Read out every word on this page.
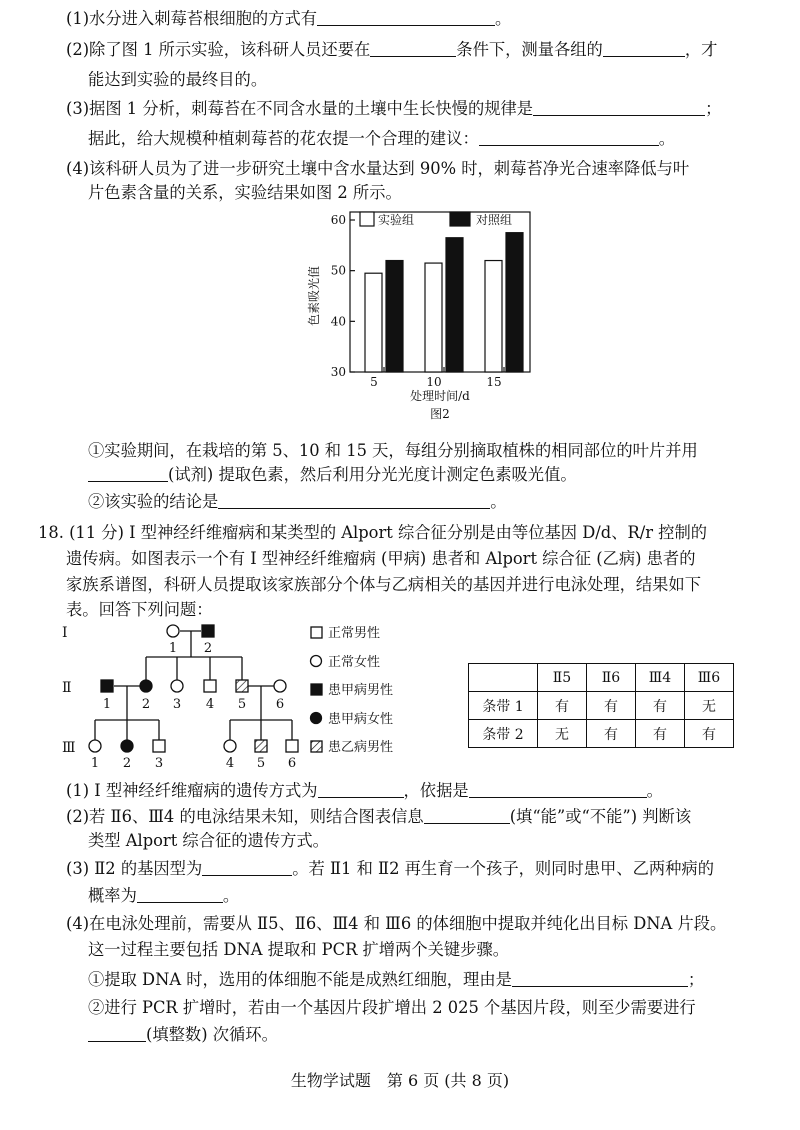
(1)水分进入刺莓苔根细胞的方式有	。
(2)除了图 1 所示实验，该科研人员还要在	条件下，测量各组的	，才
能达到实验的最终目的。
(3)据图 1 分析，刺莓苔在不同含水量的土壤中生长快慢的规律是	；
据此，给大规模种植刺莓苔的花农提一个合理的建议：	。
(4)该科研人员为了进一步研究土壤中含水量达到 90% 时，刺莓苔净光合速率降低与叶
片色素含量的关系，实验结果如图 2 所示。
30
40
50
60
5	10	15
色素吸光值
处理时间/d
图2
实验组	对照组
①实验期间，在栽培的第 5、10 和 15 天，每组分别摘取植株的相同部位的叶片并用
(试剂) 提取色素，然后利用分光光度计测定色素吸光值。
②该实验的结论是	。
18. (11 分) Ⅰ 型神经纤维瘤病和某类型的 Alport 综合征分别是由等位基因 D/d、R/r 控制的
遗传病。如图表示一个有 Ⅰ 型神经纤维瘤病 (甲病) 患者和 Alport 综合征 (乙病) 患者的
家族系谱图，科研人员提取该家族部分个体与乙病相关的基因并进行电泳处理，结果如下
表。回答下列问题：
Ⅰ
Ⅱ
Ⅲ
1 2
1 2 3 4 5 6
1 2 3	4 5 6
正常男性
正常女性
患甲病男性
患甲病女性
患乙病男性
	Ⅱ5	Ⅱ6	Ⅲ4	Ⅲ6
条带 1	有	有	有	无
条带 2	无	有	有	有
(1) Ⅰ 型神经纤维瘤病的遗传方式为	，依据是	。
(2)若 Ⅱ6、Ⅲ4 的电泳结果未知，则结合图表信息	(填“能”或“不能”) 判断该
类型 Alport 综合征的遗传方式。
(3) Ⅱ2 的基因型为	。若 Ⅱ1 和 Ⅱ2 再生育一个孩子，则同时患甲、乙两种病的
概率为	。
(4)在电泳处理前，需要从 Ⅱ5、Ⅱ6、Ⅲ4 和 Ⅲ6 的体细胞中提取并纯化出目标 DNA 片段。
这一过程主要包括 DNA 提取和 PCR 扩增两个关键步骤。
①提取 DNA 时，选用的体细胞不能是成熟红细胞，理由是	；
②进行 PCR 扩增时，若由一个基因片段扩增出 2 025 个基因片段，则至少需要进行
(填整数) 次循环。
生物学试题　第 6 页 (共 8 页)
